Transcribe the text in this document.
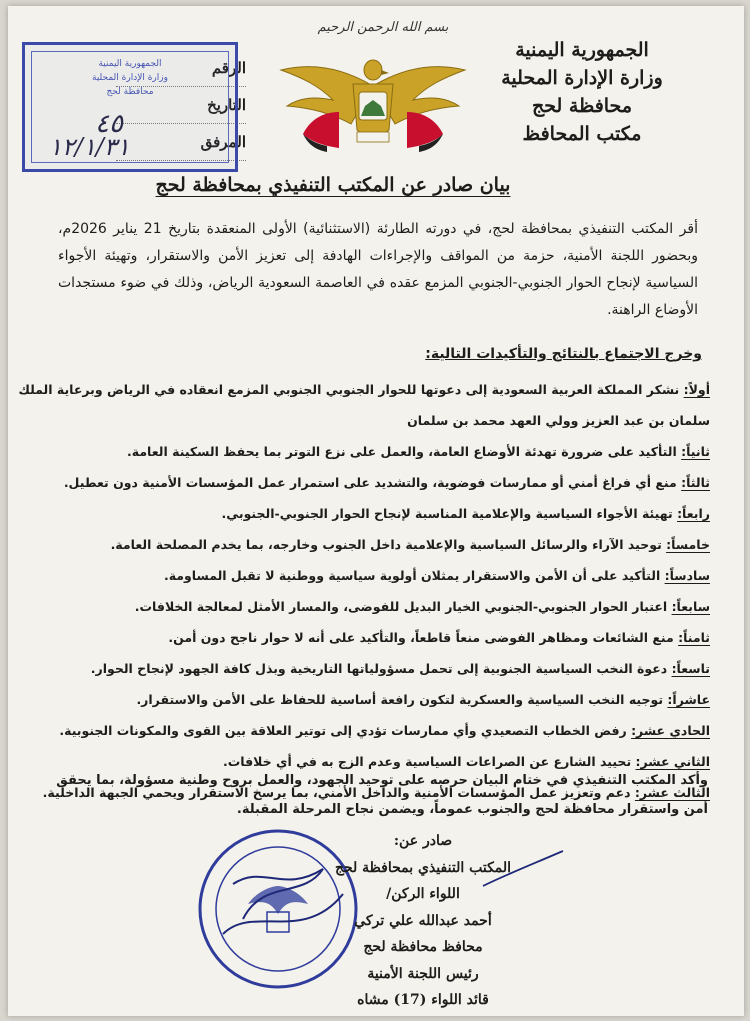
بسم الله الرحمن الرحيم
الجمهورية اليمنية
وزارة الإدارة المحلية
محافظة لحج
مكتب المحافظ
الرقم
التاريخ
المرفق
الجمهورية اليمنية
وزارة الإدارة المحلية
محافظة لحج
٤٥
١٢/١/٣١
بيان صادر عن المكتب التنفيذي بمحافظة لحج
أقر المكتب التنفيذي بمحافظة لحج، في دورته الطارئة (الاستثنائية) الأولى المنعقدة بتاريخ 21 يناير 2026م، وبحضور اللجنة الأمنية، حزمة من المواقف والإجراءات الهادفة إلى تعزيز الأمن والاستقرار، وتهيئة الأجواء السياسية لإنجاح الحوار الجنوبي-الجنوبي المزمع عقده في العاصمة السعودية الرياض، وذلك في ضوء مستجدات الأوضاع الراهنة.
وخرج الاجتماع بالنتائج والتأكيدات التالية:
أولاً: نشكر المملكة العربية السعودية إلى دعوتها للحوار الجنوبي الجنوبي المزمع انعقاده في الرياض وبرعاية الملك
سلمان بن عبد العزيز وولي العهد محمد بن سلمان
ثانياً: التأكيد على ضرورة تهدئة الأوضاع العامة، والعمل على نزع التوتر بما يحفظ السكينة العامة.
ثالثاً: منع أي فراغ أمني أو ممارسات فوضوية، والتشديد على استمرار عمل المؤسسات الأمنية دون تعطيل.
رابعاً: تهيئة الأجواء السياسية والإعلامية المناسبة لإنجاح الحوار الجنوبي-الجنوبي.
خامساً: توحيد الآراء والرسائل السياسية والإعلامية داخل الجنوب وخارجه، بما يخدم المصلحة العامة.
سادساً: التأكيد على أن الأمن والاستقرار يمثلان أولوية سياسية ووطنية لا تقبل المساومة.
سابعاً: اعتبار الحوار الجنوبي-الجنوبي الخيار البديل للفوضى، والمسار الأمثل لمعالجة الخلافات.
ثامناً: منع الشائعات ومظاهر الفوضى منعاً قاطعاً، والتأكيد على أنه لا حوار ناجح دون أمن.
تاسعاً: دعوة النخب السياسية الجنوبية إلى تحمل مسؤولياتها التاريخية وبذل كافة الجهود لإنجاح الحوار.
عاشراً: توجيه النخب السياسية والعسكرية لتكون رافعة أساسية للحفاظ على الأمن والاستقرار.
الحادي عشر: رفض الخطاب التصعيدي وأي ممارسات تؤدي إلى توتير العلاقة بين القوى والمكونات الجنوبية.
الثاني عشر: تحييد الشارع عن الصراعات السياسية وعدم الزج به في أي خلافات.
الثالث عشر: دعم وتعزيز عمل المؤسسات الأمنية والداخل الأمني، بما يرسخ الاستقرار ويحمي الجبهة الداخلية.
وأكد المكتب التنفيذي في ختام البيان حرصه على توحيد الجهود، والعمل بروح وطنية مسؤولة، بما يحقق أمن واستقرار محافظة لحج والجنوب عموماً، ويضمن نجاح المرحلة المقبلة.
صادر عن:
المكتب التنفيذي بمحافظة لحج
اللواء الركن/
أحمد عبدالله علي تركي
محافظ محافظة لحج
رئيس اللجنة الأمنية
قائد اللواء (17) مشاه
